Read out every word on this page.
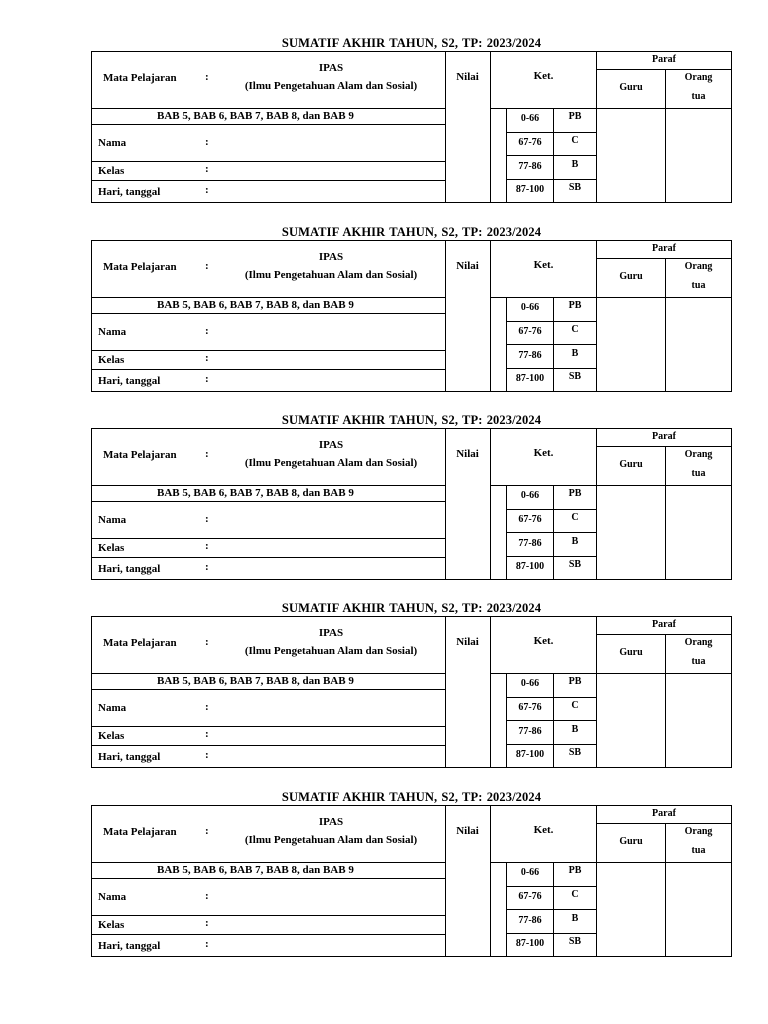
SUMATIF AKHIR TAHUN, S2, TP: 2023/2024
Mata Pelajaran	:
IPAS
(Ilmu Pengetahuan Alam dan Sosial)
Nilai	Ket.
Paraf
Guru
Orang
tua
BAB 5, BAB 6, BAB 7, BAB 8, dan BAB 9
Nama	:
Kelas	:
Hari, tanggal	:
0-66	PB
67-76	C
77-86	B
87-100	SB
SUMATIF AKHIR TAHUN, S2, TP: 2023/2024
Mata Pelajaran	:
IPAS
(Ilmu Pengetahuan Alam dan Sosial)
Nilai	Ket.
Paraf
Guru
Orang
tua
BAB 5, BAB 6, BAB 7, BAB 8, dan BAB 9
Nama	:
Kelas	:
Hari, tanggal	:
0-66	PB
67-76	C
77-86	B
87-100	SB
SUMATIF AKHIR TAHUN, S2, TP: 2023/2024
Mata Pelajaran	:
IPAS
(Ilmu Pengetahuan Alam dan Sosial)
Nilai	Ket.
Paraf
Guru
Orang
tua
BAB 5, BAB 6, BAB 7, BAB 8, dan BAB 9
Nama	:
Kelas	:
Hari, tanggal	:
0-66	PB
67-76	C
77-86	B
87-100	SB
SUMATIF AKHIR TAHUN, S2, TP: 2023/2024
Mata Pelajaran	:
IPAS
(Ilmu Pengetahuan Alam dan Sosial)
Nilai	Ket.
Paraf
Guru
Orang
tua
BAB 5, BAB 6, BAB 7, BAB 8, dan BAB 9
Nama	:
Kelas	:
Hari, tanggal	:
0-66	PB
67-76	C
77-86	B
87-100	SB
SUMATIF AKHIR TAHUN, S2, TP: 2023/2024
Mata Pelajaran	:
IPAS
(Ilmu Pengetahuan Alam dan Sosial)
Nilai	Ket.
Paraf
Guru
Orang
tua
BAB 5, BAB 6, BAB 7, BAB 8, dan BAB 9
Nama	:
Kelas	:
Hari, tanggal	:
0-66	PB
67-76	C
77-86	B
87-100	SB
